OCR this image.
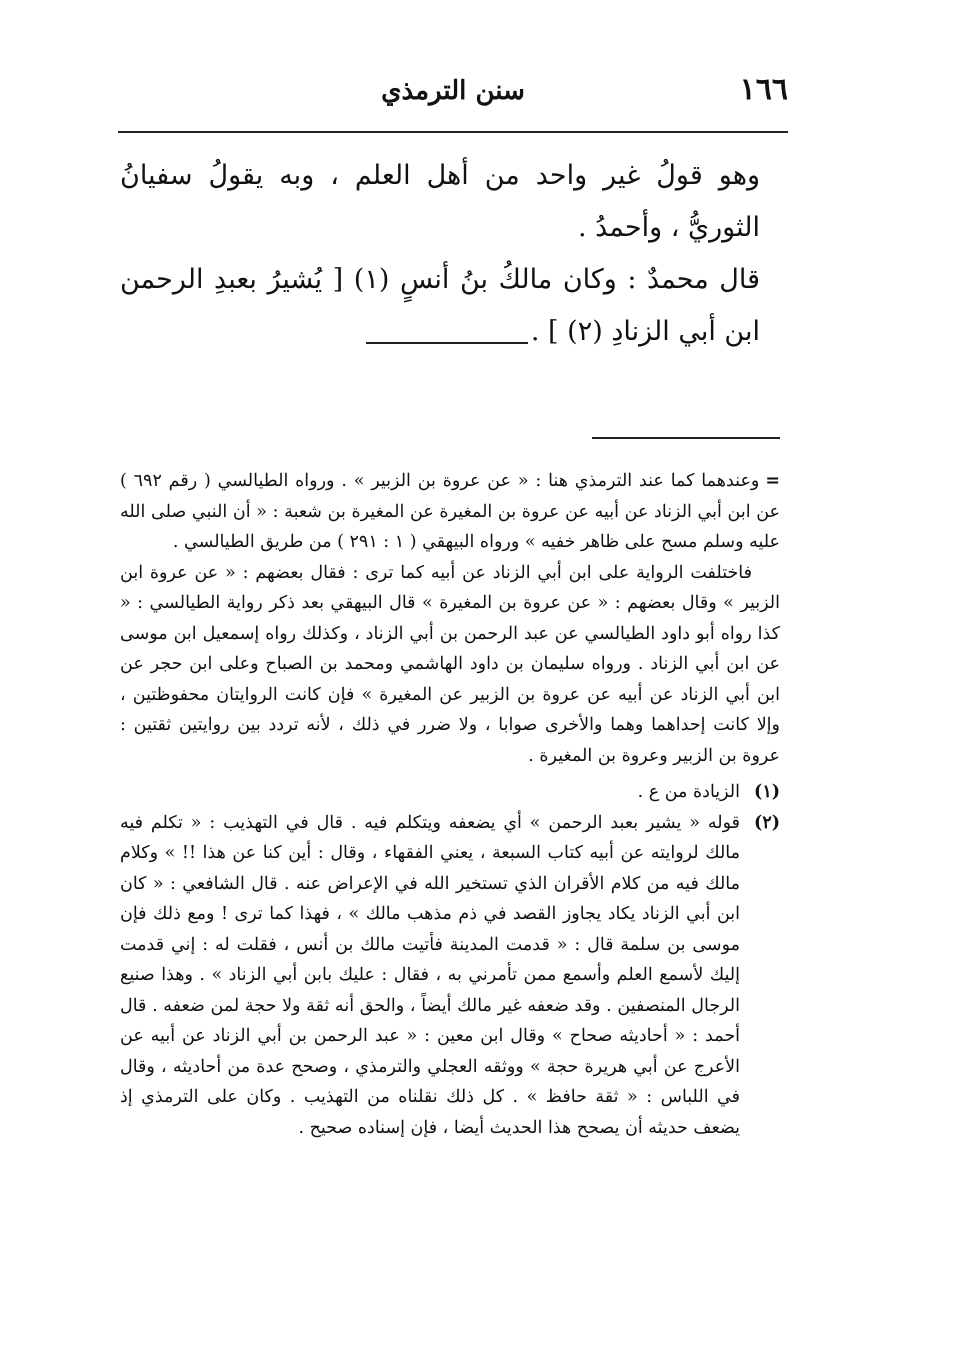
١٦٦
سنن الترمذي

وهو قولُ غير واحد من أهل العلم ، وبه يقولُ سفيانُ الثوريُّ ، وأحمدُ .

قال محمدٌ : وكان مالكُ بنُ أنسٍ (١) [ يُشيرُ بعبدِ الرحمن ابن أبي الزنادِ (٢) ] .

=وعندهما كما عند الترمذي هنا : « عن عروة بن الزبير » . ورواه الطيالسي ( رقم ٦٩٢ ) عن ابن أبي الزناد عن أبيه عن عروة بن المغيرة عن المغيرة بن شعبة : « أن النبي صلى الله عليه وسلم مسح على ظاهر خفيه » ورواه البيهقي ( ١ : ٢٩١ ) من طريق الطيالسي .

فاختلفت الرواية على ابن أبي الزناد عن أبيه كما ترى : فقال بعضهم : « عن عروة ابن الزبير » وقال بعضهم : « عن عروة بن المغيرة » قال البيهقي بعد ذكر رواية الطيالسي : « كذا رواه أبو داود الطيالسي عن عبد الرحمن بن أبي الزناد ، وكذلك رواه إسمعيل ابن موسى عن ابن أبي الزناد . ورواه سليمان بن داود الهاشمي ومحمد بن الصباح وعلى ابن حجر عن ابن أبي الزناد عن أبيه عن عروة بن الزبير عن المغيرة » فإن كانت الروايتان محفوظتين ، وإلا كانت إحداهما وهما والأخرى صوابا ، ولا ضرر في ذلك ، لأنه تردد بين روايتين ثقتين : عروة بن الزبير وعروة بن المغيرة .

(١)
الزيادة من ع .

(٢)
قوله « يشير بعبد الرحمن » أي يضعفه ويتكلم فيه . قال في التهذيب : « تكلم فيه مالك لروايته عن أبيه كتاب السبعة ، يعني الفقهاء ، وقال : أين كنا عن هذا !! » وكلام مالك فيه من كلام الأقران الذي تستخير الله في الإعراض عنه . قال الشافعي : « كان ابن أبي الزناد يكاد يجاوز القصد في ذم مذهب مالك » ، فهذا كما ترى ! ومع ذلك فإن موسى بن سلمة قال : « قدمت المدينة فأتيت مالك بن أنس ، فقلت له : إني قدمت إليك لأسمع العلم وأسمع ممن تأمرني به ، فقال : عليك بابن أبي الزناد » . وهذا صنيع الرجال المنصفين . وقد ضعفه غير مالك أيضاً ، والحق أنه ثقة ولا حجة لمن ضعفه . قال أحمد : « أحاديثه صحاح » وقال ابن معين : « عبد الرحمن بن أبي الزناد عن أبيه عن الأعرج عن أبي هريرة حجة » ووثقه العجلي والترمذي ، وصحح عدة من أحاديثه ، وقال في اللباس : « ثقة حافظ » . كل ذلك نقلناه من التهذيب . وكان على الترمذي إذ يضعف حديثه أن يصحح هذا الحديث أيضا ، فإن إسناده صحيح .
